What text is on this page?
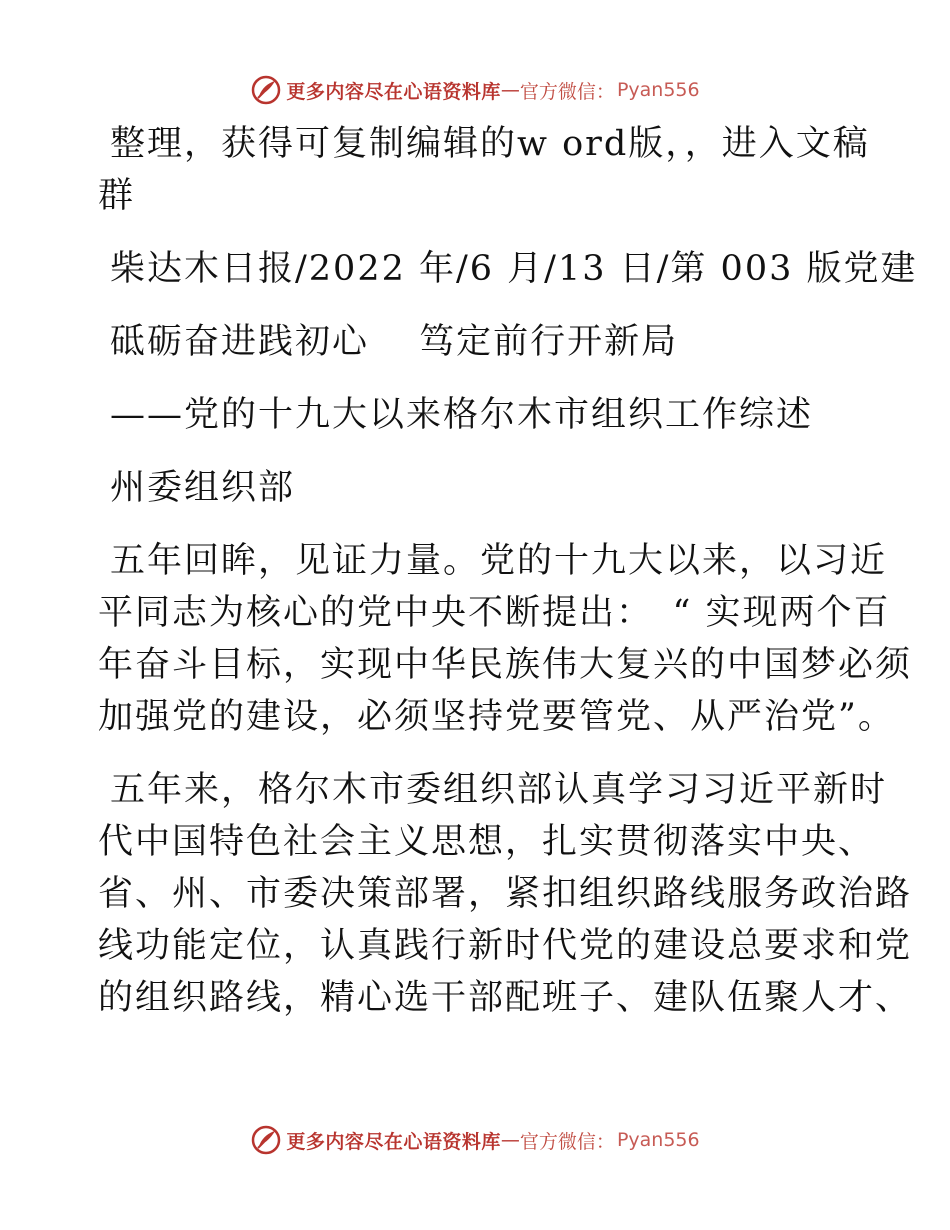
更多内容尽在心语资料库 — 官方微信： Pyan556

整理，获得可复制编辑的w ord版，，进入文稿

群

柴达木日报/2022 年/6 月/13 日/第 003 版党建

砥砺奋进践初心　 笃定前行开新局

——党的十九大以来格尔木市组织工作综述

州委组织部

五年回眸，见证力量。党的十九大以来，以习近

平同志为核心的党中央不断提出：　“ 实现两个百

年奋斗目标，实现中华民族伟大复兴的中国梦必须

加强党的建设，必须坚持党要管党、从严治党”。

五年来，格尔木市委组织部认真学习习近平新时

代中国特色社会主义思想，扎实贯彻落实中央、

省、州、市委决策部署，紧扣组织路线服务政治路

线功能定位，认真践行新时代党的建设总要求和党

的组织路线，精心选干部配班子、建队伍聚人才、

更多内容尽在心语资料库 — 官方微信： Pyan556
